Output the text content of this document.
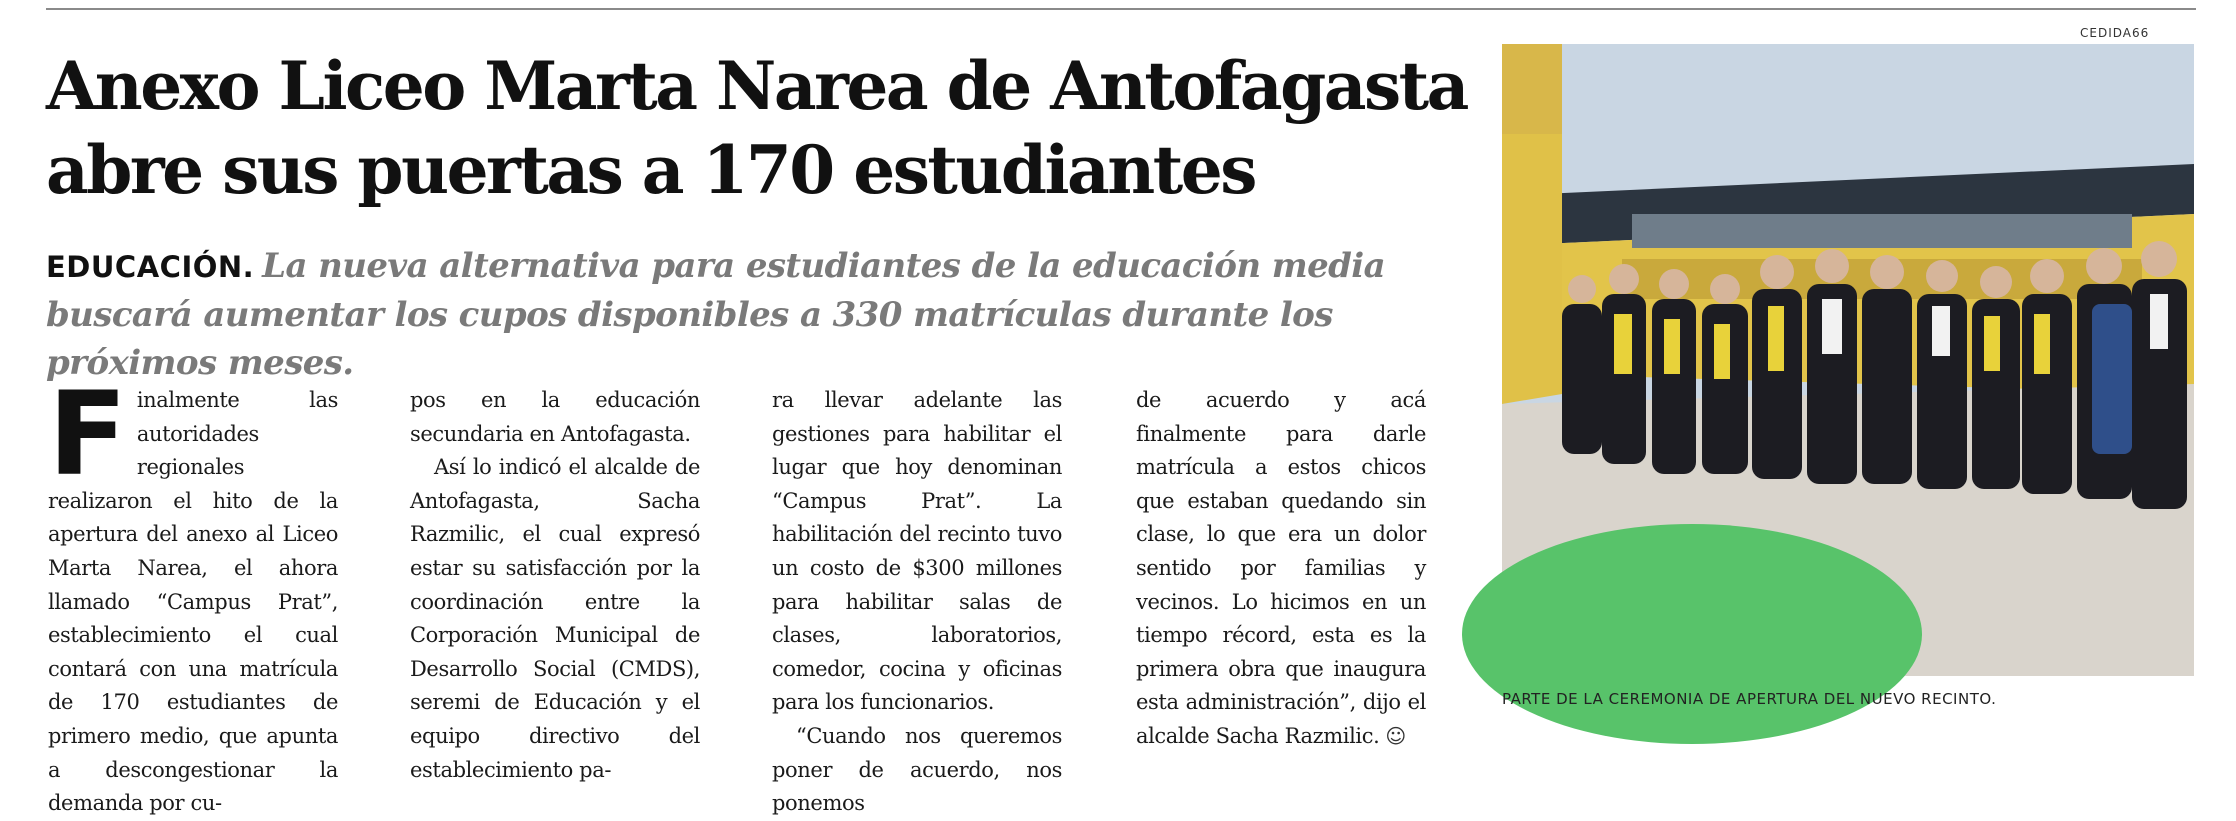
Anexo Liceo Marta Narea de Antofagasta
abre sus puertas a 170 estudiantes
EDUCACIÓN. La nueva alternativa para estudiantes de la educación media buscará aumentar los cupos disponibles a 330 matrículas durante los próximos meses.

Finalmente las autoridades regionales realizaron el hito de la apertura del anexo al Liceo Marta Narea, el ahora llamado “Campus Prat”, establecimiento el cual contará con una matrícula de 170 estudiantes de primero medio, que apunta a descongestionar la demanda por cu-

pos en la educación secundaria en Antofagasta.

Así lo indicó el alcalde de Antofagasta, Sacha Razmilic, el cual expresó estar su satisfacción por la coordinación entre la Corporación Municipal de Desarrollo Social (CMDS), seremi de Educación y el equipo directivo del establecimiento pa-

ra llevar adelante las gestiones para habilitar el lugar que hoy denominan “Campus Prat”. La habilitación del recinto tuvo un costo de $300 millones para habilitar salas de clases, laboratorios, comedor, cocina y oficinas para los funcionarios.

“Cuando nos queremos poner de acuerdo, nos ponemos

de acuerdo y acá finalmente para darle matrícula a estos chicos que estaban quedando sin clase, lo que era un dolor sentido por familias y vecinos. Lo hicimos en un tiempo récord, esta es la primera obra que inaugura esta administración”, dijo el alcalde Sacha Razmilic. ☺

CEDIDA66
PARTE DE LA CEREMONIA DE APERTURA DEL NUEVO RECINTO.
